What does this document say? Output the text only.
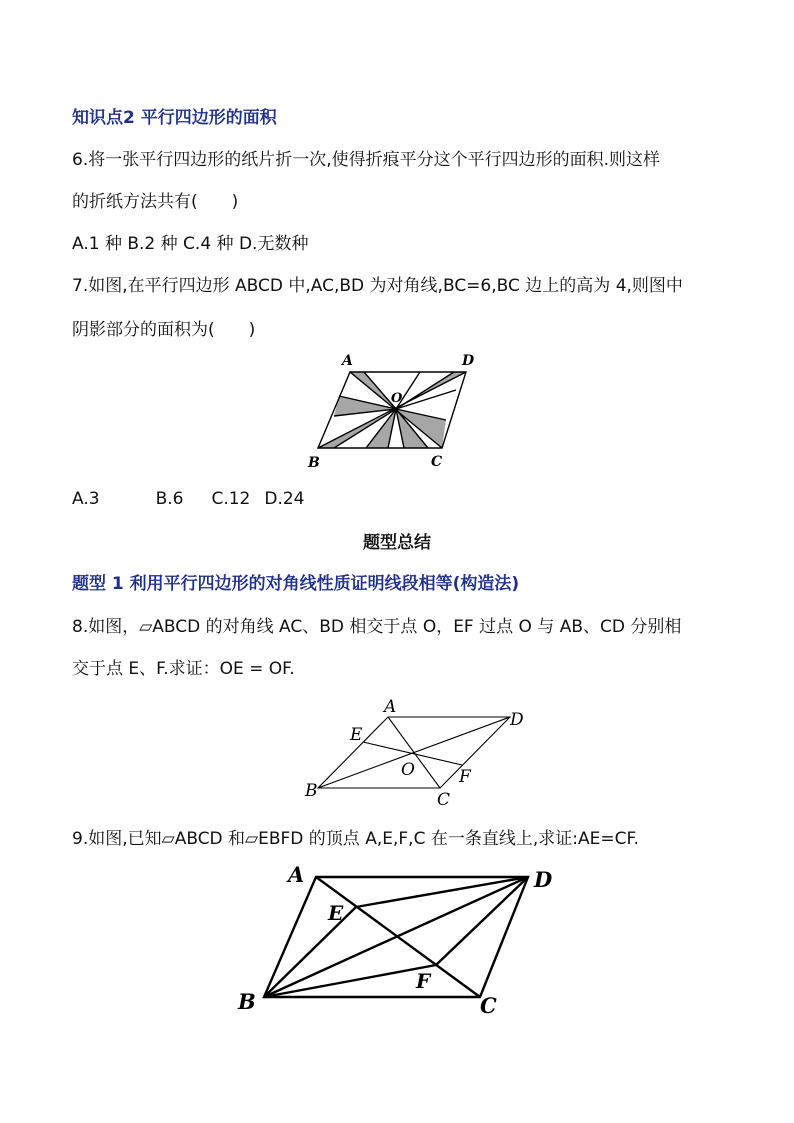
知识点2 平行四边形的面积
6.将一张平行四边形的纸片折一次,使得折痕平分这个平行四边形的面积.则这样
的折纸方法共有(　　)
A.1 种 B.2 种 C.4 种 D.无数种
7.如图,在平行四边形 ABCD 中,AC,BD 为对角线,BC=6,BC 边上的高为 4,则图中
阴影部分的面积为(　　)
A	D
O
B	C
A.3	B.6 C.12 D.24
题型总结
题型 1 利用平行四边形的对角线性质证明线段相等(构造法)
8.如图，▱ABCD 的对角线 AC、BD 相交于点 O，EF 过点 O 与 AB、CD 分别相
交于点 E、F.求证：OE = OF.
A
D
E
O	F
B	C
9.如图,已知▱ABCD 和▱EBFD 的顶点 A,E,F,C 在一条直线上,求证:AE=CF.
A	D
E
F
B	C
